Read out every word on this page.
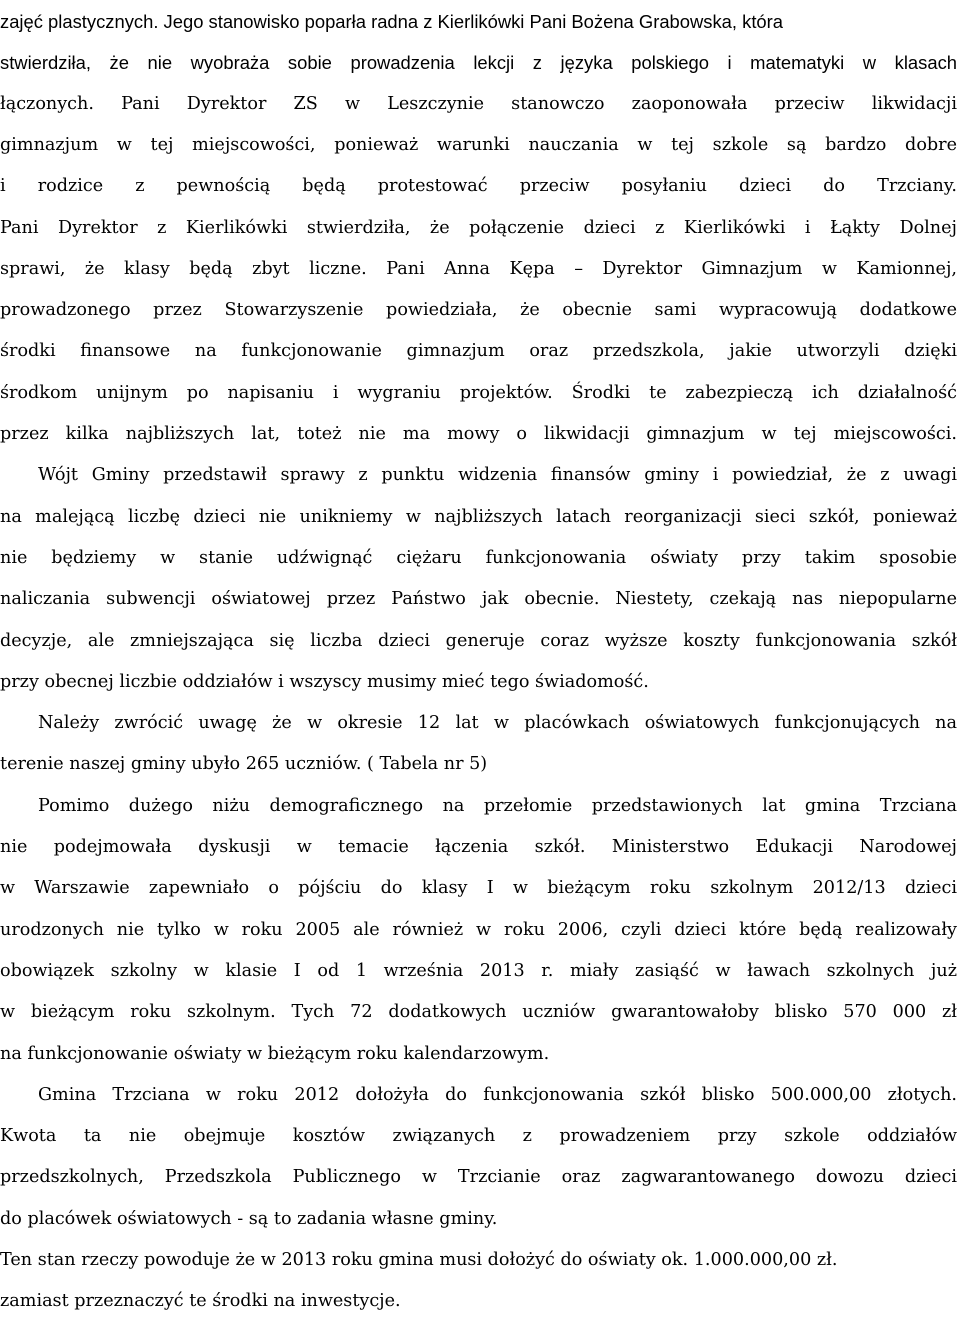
zajęć plastycznych. Jego stanowisko poparła radna z Kierlikówki Pani Bożena Grabowska, która
stwierdziła, że nie wyobraża sobie prowadzenia lekcji z języka polskiego i matematyki w klasach
łączonych. Pani Dyrektor ZS w Leszczynie stanowczo zaoponowała przeciw likwidacji
gimnazjum w tej miejscowości, ponieważ warunki nauczania w tej szkole są bardzo dobre
i rodzice z pewnością będą protestować przeciw posyłaniu dzieci do Trzciany.
Pani Dyrektor z Kierlikówki stwierdziła, że połączenie dzieci z Kierlikówki i Łąkty Dolnej
sprawi, że klasy będą zbyt liczne. Pani Anna Kępa – Dyrektor Gimnazjum w Kamionnej,
prowadzonego przez Stowarzyszenie powiedziała, że obecnie sami wypracowują dodatkowe
środki finansowe na funkcjonowanie gimnazjum oraz przedszkola, jakie utworzyli dzięki
środkom unijnym po napisaniu i wygraniu projektów. Środki te zabezpieczą ich działalność
przez kilka najbliższych lat, toteż nie ma mowy o likwidacji gimnazjum w tej miejscowości.
Wójt Gminy przedstawił sprawy z punktu widzenia finansów gminy i powiedział, że z uwagi
na malejącą liczbę dzieci nie unikniemy w najbliższych latach reorganizacji sieci szkół, ponieważ
nie będziemy w stanie udźwignąć ciężaru funkcjonowania oświaty przy takim sposobie
naliczania subwencji oświatowej przez Państwo jak obecnie. Niestety, czekają nas niepopularne
decyzje, ale zmniejszająca się liczba dzieci generuje coraz wyższe koszty funkcjonowania szkół
przy obecnej liczbie oddziałów i wszyscy musimy mieć tego świadomość.
Należy zwrócić uwagę że w okresie 12 lat w placówkach oświatowych funkcjonujących na
terenie naszej gminy ubyło 265 uczniów. ( Tabela nr 5)
Pomimo dużego niżu demograficznego na przełomie przedstawionych lat gmina Trzciana
nie podejmowała dyskusji w temacie łączenia szkół. Ministerstwo Edukacji Narodowej
w Warszawie zapewniało o pójściu do klasy I w bieżącym roku szkolnym 2012/13 dzieci
urodzonych nie tylko w roku 2005 ale również w roku 2006, czyli dzieci które będą realizowały
obowiązek szkolny w klasie I od 1 września 2013 r. miały zasiąść w ławach szkolnych już
w bieżącym roku szkolnym. Tych 72 dodatkowych uczniów gwarantowałoby blisko 570 000 zł
na funkcjonowanie oświaty w bieżącym roku kalendarzowym.
Gmina Trzciana w roku 2012 dołożyła do funkcjonowania szkół blisko 500.000,00 złotych.
Kwota ta nie obejmuje kosztów związanych z prowadzeniem przy szkole oddziałów
przedszkolnych, Przedszkola Publicznego w Trzcianie oraz zagwarantowanego dowozu dzieci
do placówek oświatowych - są to zadania własne gminy.
Ten stan rzeczy powoduje że w 2013 roku gmina musi dołożyć do oświaty ok. 1.000.000,00 zł.
zamiast przeznaczyć te środki na inwestycje.
